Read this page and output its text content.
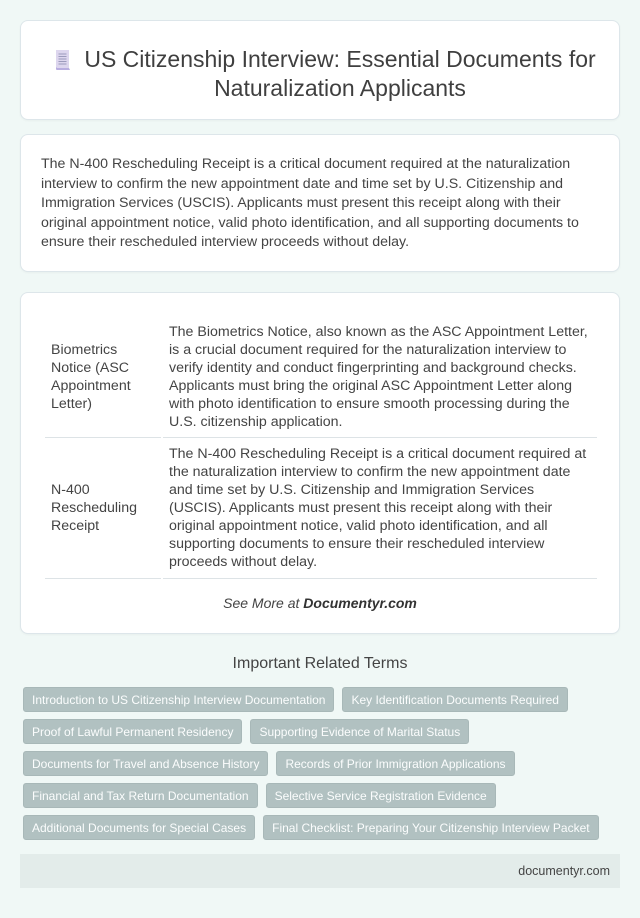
US Citizenship Interview: Essential Documents for Naturalization Applicants

The N-400 Rescheduling Receipt is a critical document required at the naturalization interview to confirm the new appointment date and time set by U.S. Citizenship and Immigration Services (USCIS). Applicants must present this receipt along with their original appointment notice, valid photo identification, and all supporting documents to ensure their rescheduled interview proceeds without delay.

Biometrics Notice (ASC Appointment Letter)	The Biometrics Notice, also known as the ASC Appointment Letter, is a crucial document required for the naturalization interview to verify identity and conduct fingerprinting and background checks. Applicants must bring the original ASC Appointment Letter along with photo identification to ensure smooth processing during the U.S. citizenship application.
N-400 Rescheduling Receipt	The N-400 Rescheduling Receipt is a critical document required at the naturalization interview to confirm the new appointment date and time set by U.S. Citizenship and Immigration Services (USCIS). Applicants must present this receipt along with their original appointment notice, valid photo identification, and all supporting documents to ensure their rescheduled interview proceeds without delay.
See More at Documentyr.com
Important Related Terms
Introduction to US Citizenship Interview Documentation	Key Identification Documents Required
Proof of Lawful Permanent Residency	Supporting Evidence of Marital Status
Documents for Travel and Absence History	Records of Prior Immigration Applications
Financial and Tax Return Documentation	Selective Service Registration Evidence
Additional Documents for Special Cases	Final Checklist: Preparing Your Citizenship Interview Packet
documentyr.com
